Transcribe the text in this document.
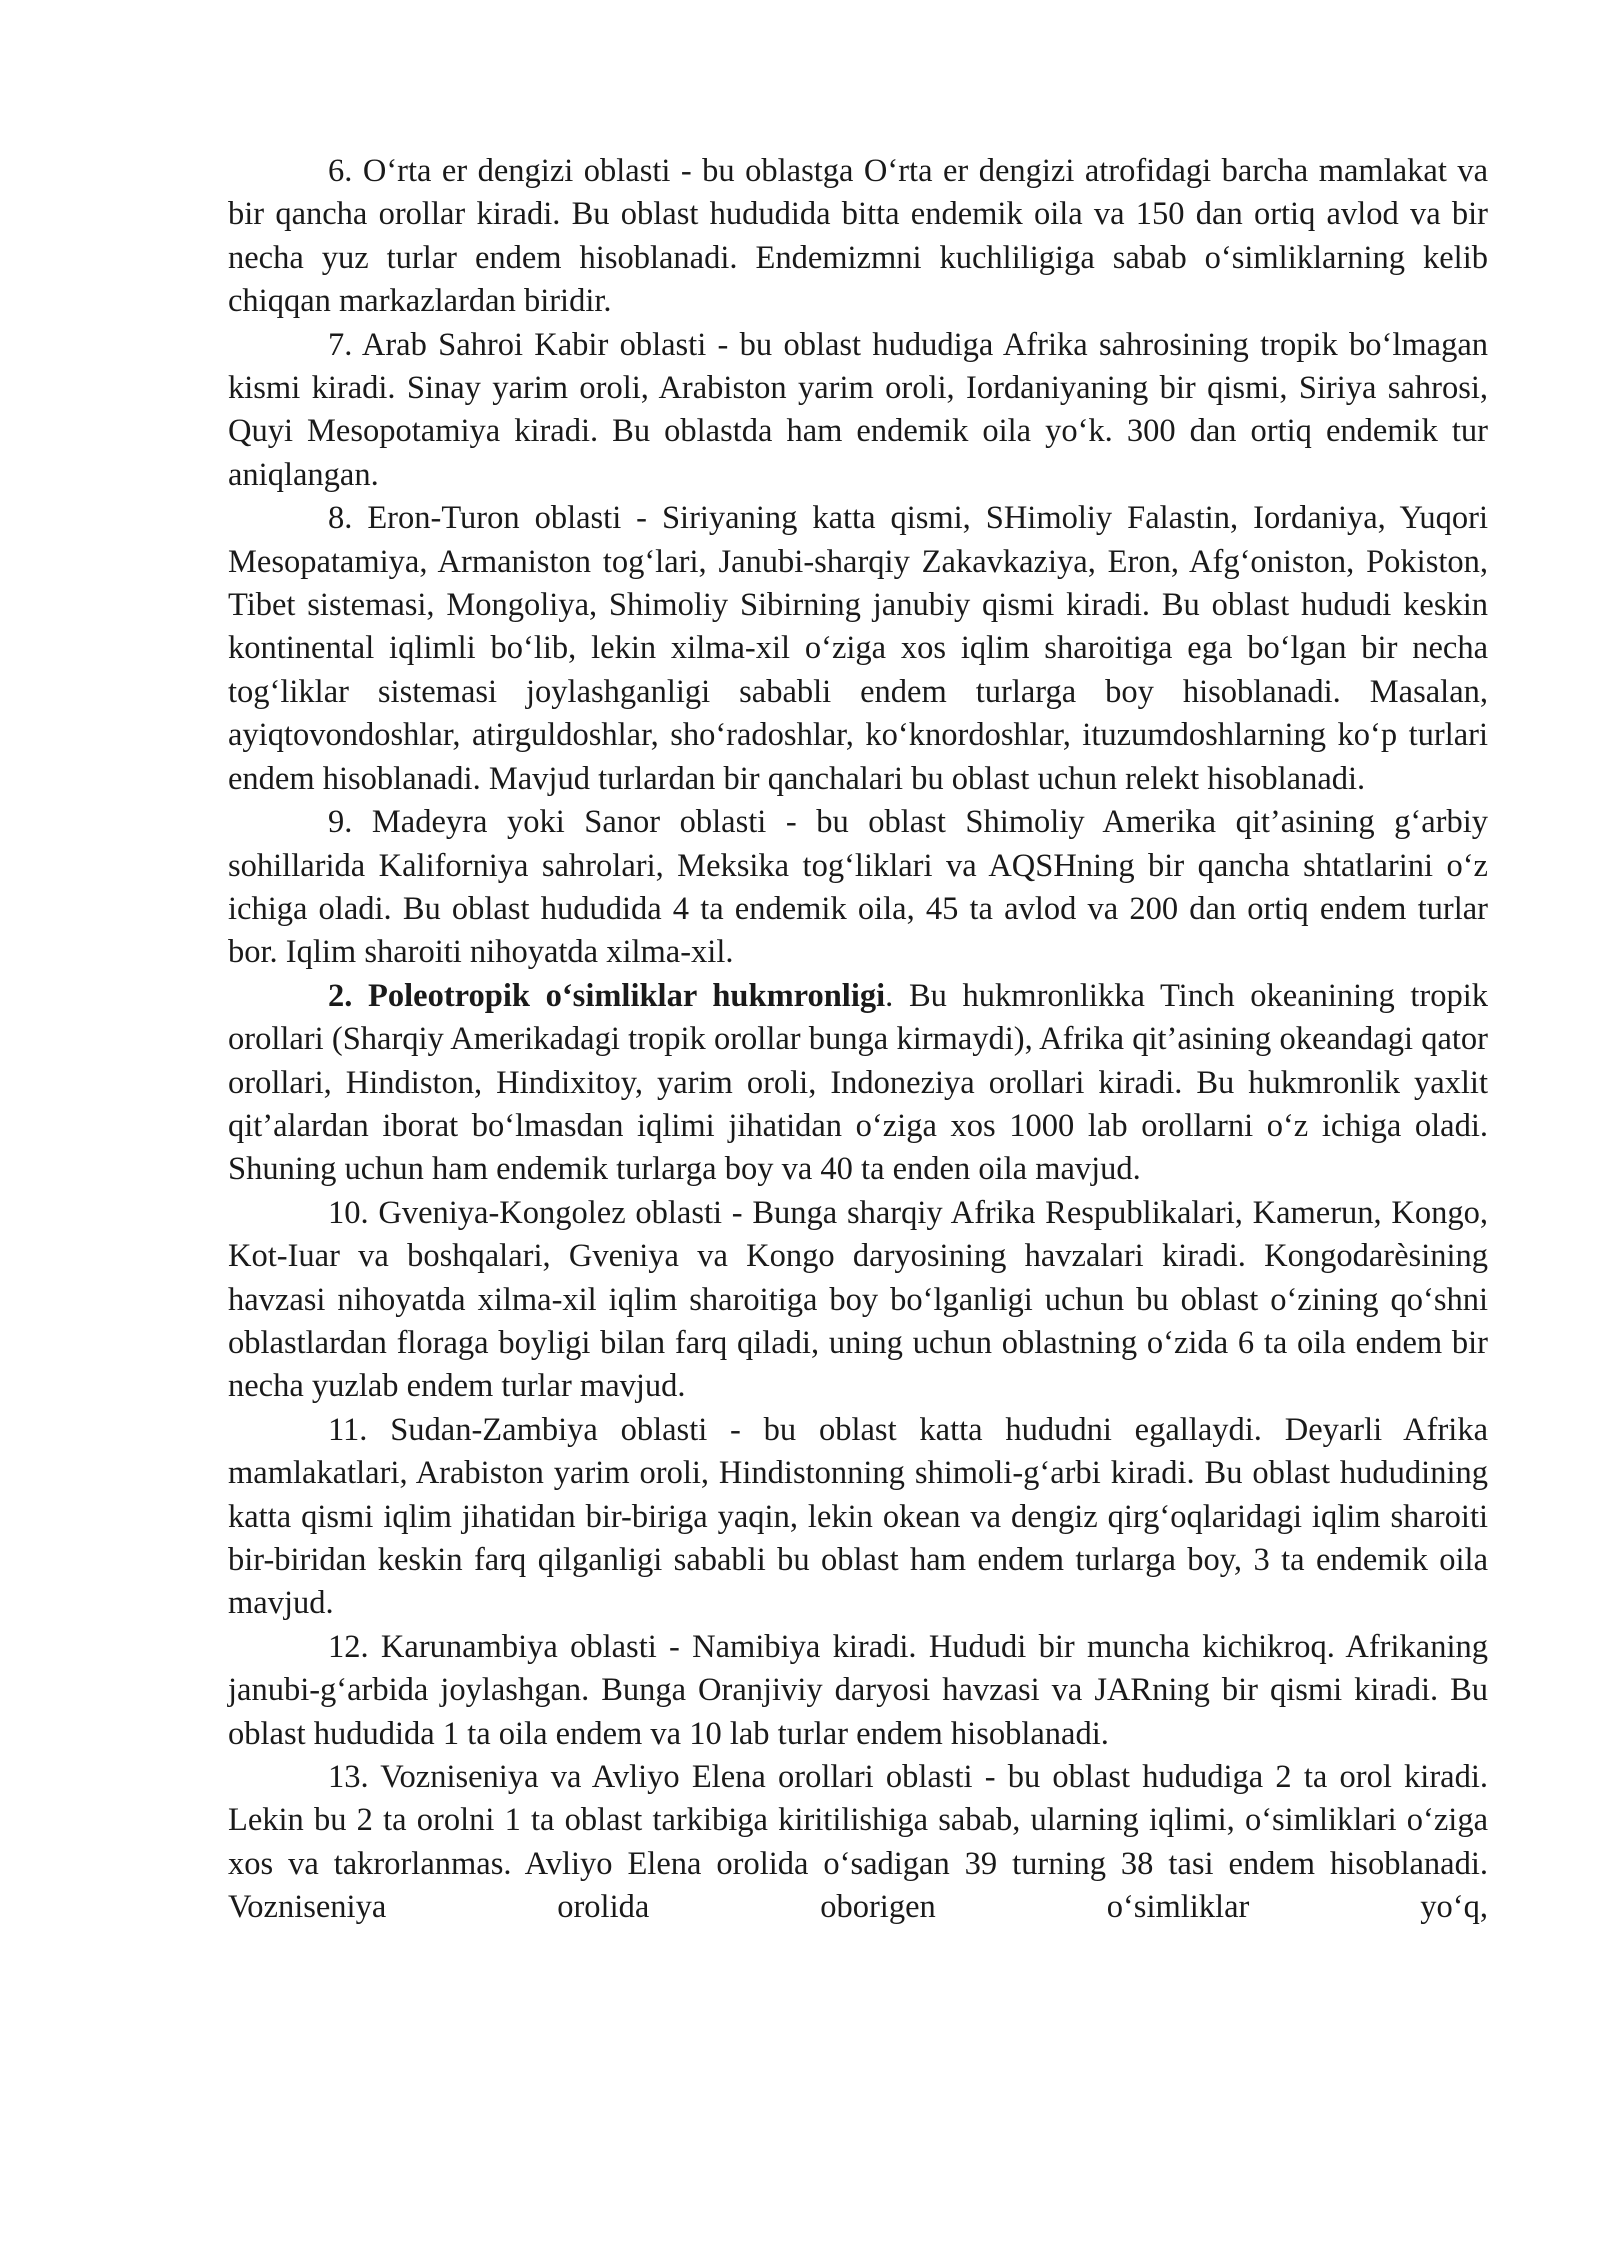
6. O‘rta er dengizi oblasti - bu oblastga O‘rta er dengizi atrofidagi barcha mamlakat va bir qancha orollar kiradi. Bu oblast hududida bitta endemik oila va 150 dan ortiq avlod va bir necha yuz turlar endem hisoblanadi. Endemizmni kuchliligiga sabab o‘simliklarning kelib chiqqan markazlardan biridir.

7. Arab Sahroi Kabir oblasti - bu oblast hududiga Afrika sahrosining tropik bo‘lmagan kismi kiradi. Sinay yarim oroli, Arabiston yarim oroli, Iordaniyaning bir qismi, Siriya sahrosi, Quyi Mesopotamiya kiradi. Bu oblastda ham endemik oila yo‘k. 300 dan ortiq endemik tur aniqlangan.

8. Eron-Turon oblasti - Siriyaning katta qismi, SHimoliy Falastin, Iordaniya, Yuqori Mesopatamiya, Armaniston tog‘lari, Janubi-sharqiy Zakavkaziya, Eron, Afg‘oniston, Pokiston, Tibet sistemasi, Mongoliya, Shimoliy Sibirning janubiy qismi kiradi. Bu oblast hududi keskin kontinental iqlimli bo‘lib, lekin xilma-xil o‘ziga xos iqlim sharoitiga ega bo‘lgan bir necha tog‘liklar sistemasi joylashganligi sababli endem turlarga boy hisoblanadi. Masalan, ayiqtovondoshlar, atirguldoshlar, sho‘radoshlar, ko‘knordoshlar, ituzumdoshlarning ko‘p turlari endem hisoblanadi. Mavjud turlardan bir qanchalari bu oblast uchun relekt hisoblanadi.

9. Madeyra yoki Sanor oblasti - bu oblast Shimoliy Amerika qit’asining g‘arbiy sohillarida Kaliforniya sahrolari, Meksika tog‘liklari va AQSHning bir qancha shtatlarini o‘z ichiga oladi. Bu oblast hududida 4 ta endemik oila, 45 ta avlod va 200 dan ortiq endem turlar bor. Iqlim sharoiti nihoyatda xilma-xil.

2. Poleotropik o‘simliklar hukmronligi. Bu hukmronlikka Tinch okeanining tropik orollari (Sharqiy Amerikadagi tropik orollar bunga kirmaydi), Afrika qit’asining okeandagi qator orollari, Hindiston, Hindixitoy, yarim oroli, Indoneziya orollari kiradi. Bu hukmronlik yaxlit qit’alardan iborat bo‘lmasdan iqlimi jihatidan o‘ziga xos 1000 lab orollarni o‘z ichiga oladi. Shuning uchun ham endemik turlarga boy va 40 ta enden oila mavjud.

10. Gveniya-Kongolez oblasti - Bunga sharqiy Afrika Respublikalari, Kamerun, Kongo, Kot-Iuar va boshqalari, Gveniya va Kongo daryosining havzalari kiradi. Kongodarèsining havzasi nihoyatda xilma-xil iqlim sharoitiga boy bo‘lganligi uchun bu oblast o‘zining qo‘shni oblastlardan floraga boyligi bilan farq qiladi, uning uchun oblastning o‘zida 6 ta oila endem bir necha yuzlab endem turlar mavjud.

11. Sudan-Zambiya oblasti - bu oblast katta hududni egallaydi. Deyarli Afrika mamlakatlari, Arabiston yarim oroli, Hindistonning shimoli-g‘arbi kiradi. Bu oblast hududining katta qismi iqlim jihatidan bir-biriga yaqin, lekin okean va dengiz qirg‘oqlaridagi iqlim sharoiti bir-biridan keskin farq qilganligi sababli bu oblast ham endem turlarga boy, 3 ta endemik oila mavjud.

12. Karunambiya oblasti - Namibiya kiradi. Hududi bir muncha kichikroq. Afrikaning janubi-g‘arbida joylashgan. Bunga Oranjiviy daryosi havzasi va JARning bir qismi kiradi. Bu oblast hududida 1 ta oila endem va 10 lab turlar endem hisoblanadi.

13. Vozniseniya va Avliyo Elena orollari oblasti - bu oblast hududiga 2 ta orol kiradi. Lekin bu 2 ta orolni 1 ta oblast tarkibiga kiritilishiga sabab, ularning iqlimi, o‘simliklari o‘ziga xos va takrorlanmas. Avliyo Elena orolida o‘sadigan 39 turning 38 tasi endem hisoblanadi. Vozniseniya orolida oborigen o‘simliklar yo‘q,
